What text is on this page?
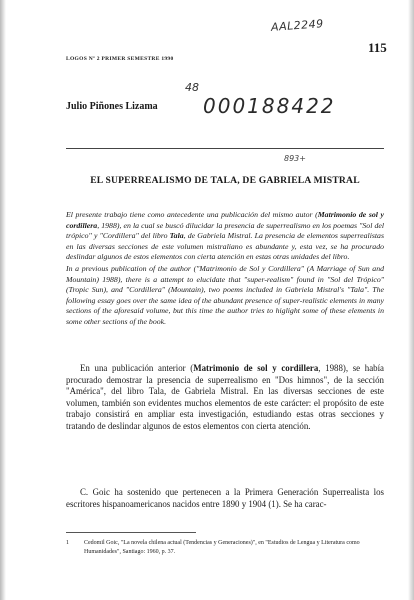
AAL2249
48
000188422
893+
115
LOGOS Nº 2 PRIMER SEMESTRE 1990
Julio Piñones Lizama
EL SUPERREALISMO DE TALA, DE GABRIELA MISTRAL

El presente trabajo tiene como antecedente una publicación del mismo autor (Matrimonio de sol y cordillera, 1988), en la cual se buscó dilucidar la presencia de superrealismo en los poemas "Sol del trópico" y "Cordillera" del libro Tala, de Gabriela Mistral. La presencia de elementos superrealistas en las diversas secciones de este volumen mistraliano es abundante y, esta vez, se ha procurado deslindar algunos de estos elementos con cierta atención en estas otras unidades del libro.

In a previous publication of the author ("Matrimonio de Sol y Cordillera" (A Marriage of Sun and Mountain) 1988), there is a attempt to elucidate that "super-realism" found in "Sol del Trópico" (Tropic Sun), and "Cordillera" (Mountain), two poems included in Gabriela Mistral's "Tala". The following essay goes over the same idea of the abundant presence of super-realistic elements in many sections of the aforesaid volume, but this time the author tries to higlight some of these elements in some other sections of the book.

En una publicación anterior (Matrimonio de sol y cordillera, 1988), se había procurado demostrar la presencia de superrealismo en "Dos himnos", de la sección "América", del libro Tala, de Gabriela Mistral. En las diversas secciones de este volumen, también son evidentes muchos elementos de este carácter: el propósito de este trabajo consistirá en ampliar esta investigación, estudiando estas otras secciones y tratando de deslindar algunos de estos elementos con cierta atención.

C. Goic ha sostenido que pertenecen a la Primera Generación Superrealista los escritores hispanoamericanos nacidos entre 1890 y 1904 (1). Se ha carac-

1	Cedomil Goic, "La novela chilena actual (Tendencias y Generaciones)", en "Estudios de Lengua y Literatura como Humanidades", Santiago: 1960, p. 37.
